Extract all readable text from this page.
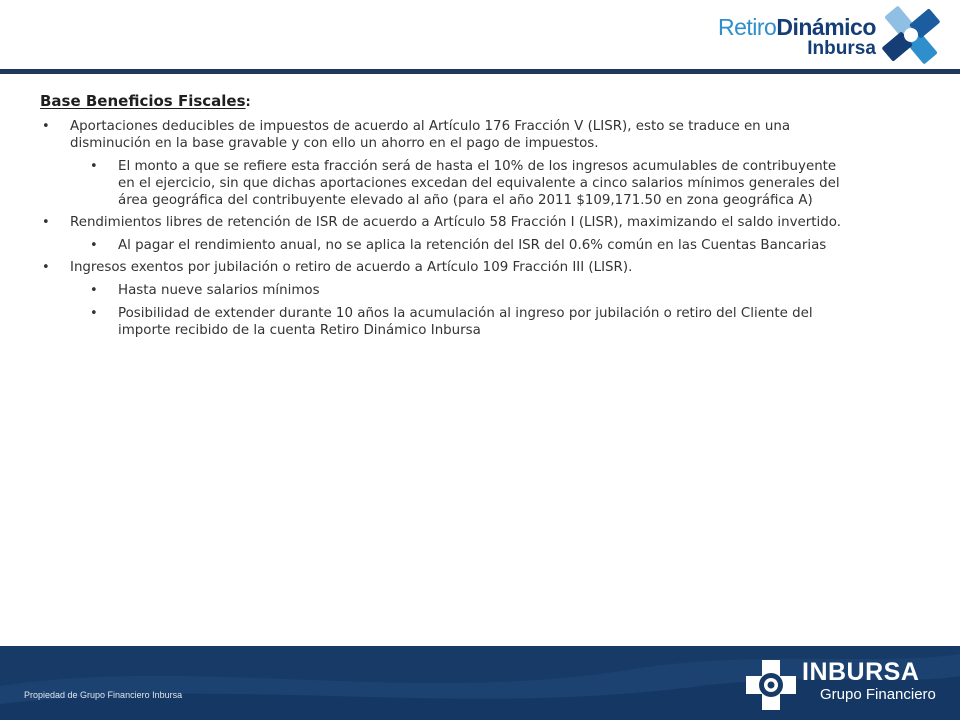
RetiroDinámico
Inbursa
Base Beneficios Fiscales:
• Aportaciones deducibles de impuestos de acuerdo al Artículo 176 Fracción V (LISR), esto se traduce en una disminución en la base gravable y con ello un ahorro en el pago de impuestos.
• El monto a que se refiere esta fracción será de hasta el 10% de los ingresos acumulables de contribuyente en el ejercicio, sin que dichas aportaciones excedan del equivalente a cinco salarios mínimos generales del área geográfica del contribuyente elevado al año (para el año 2011 $109,171.50 en zona geográfica A)
• Rendimientos libres de retención de ISR de acuerdo a Artículo 58 Fracción I (LISR), maximizando el saldo invertido.
• Al pagar el rendimiento anual, no se aplica la retención del ISR del 0.6% común en las Cuentas Bancarias
• Ingresos exentos por jubilación o retiro de acuerdo a Artículo 109 Fracción III (LISR).
• Hasta nueve salarios mínimos
• Posibilidad de extender durante 10 años la acumulación al ingreso por jubilación o retiro del Cliente del importe recibido de la cuenta Retiro Dinámico Inbursa
Propiedad de Grupo Financiero Inbursa
INBURSA
Grupo Financiero
